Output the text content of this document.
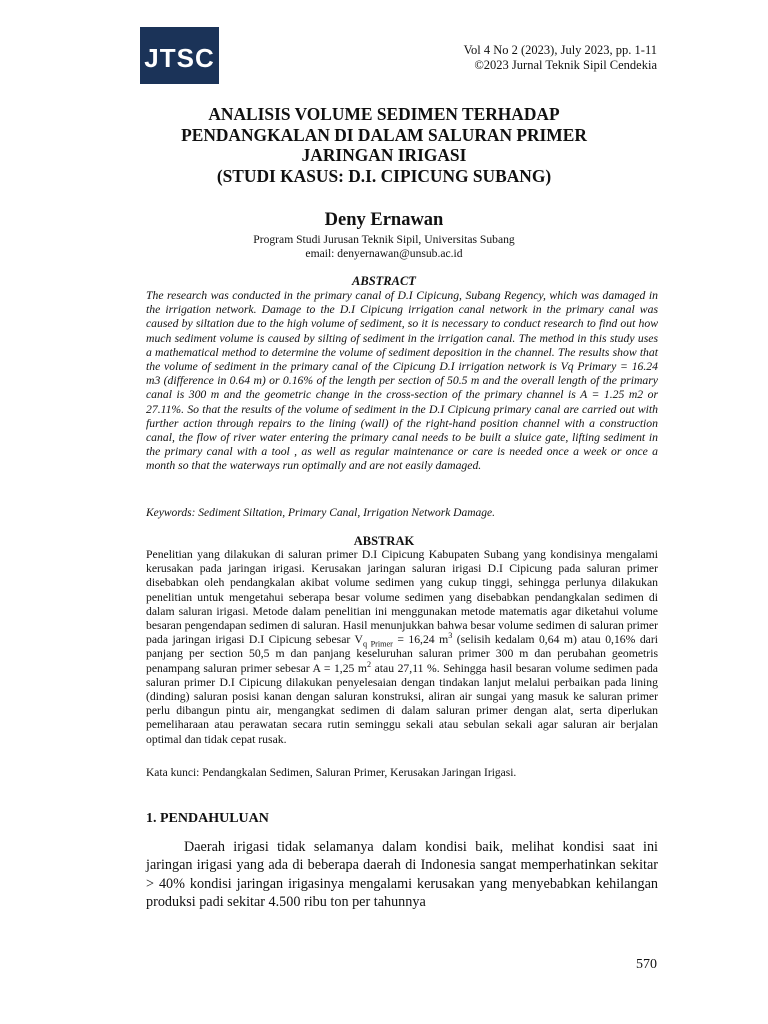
JTSC	Vol 4 No 2 (2023), July 2023, pp. 1-11
©2023 Jurnal Teknik Sipil Cendekia
ANALISIS VOLUME SEDIMEN TERHADAP
PENDANGKALAN DI DALAM SALURAN PRIMER
JARINGAN IRIGASI
(STUDI KASUS: D.I. CIPICUNG SUBANG)
Deny Ernawan
Program Studi Jurusan Teknik Sipil, Universitas Subang
email: denyernawan@unsub.ac.id
ABSTRACT

The research was conducted in the primary canal of D.I Cipicung, Subang Regency, which was damaged in the irrigation network. Damage to the D.I Cipicung irrigation canal network in the primary canal was caused by siltation due to the high volume of sediment, so it is necessary to conduct research to find out how much sediment volume is caused by silting of sediment in the irrigation canal. The method in this study uses a mathematical method to determine the volume of sediment deposition in the channel. The results show that the volume of sediment in the primary canal of the Cipicung D.I irrigation network is Vq Primary = 16.24 m3 (difference in 0.64 m) or 0.16% of the length per section of 50.5 m and the overall length of the primary canal is 300 m and the geometric change in the cross-section of the primary channel is A = 1.25 m2 or 27.11%. So that the results of the volume of sediment in the D.I Cipicung primary canal are carried out with further action through repairs to the lining (wall) of the right-hand position channel with a construction canal, the flow of river water entering the primary canal needs to be built a sluice gate, lifting sediment in the primary canal with a tool , as well as regular maintenance or care is needed once a week or once a month so that the waterways run optimally and are not easily damaged.

Keywords: Sediment Siltation, Primary Canal, Irrigation Network Damage.

ABSTRAK

Penelitian yang dilakukan di saluran primer D.I Cipicung Kabupaten Subang yang kondisinya mengalami kerusakan pada jaringan irigasi. Kerusakan jaringan saluran irigasi D.I Cipicung pada saluran primer disebabkan oleh pendangkalan akibat volume sedimen yang cukup tinggi, sehingga perlunya dilakukan penelitian untuk mengetahui seberapa besar volume sedimen yang disebabkan pendangkalan sedimen di dalam saluran irigasi. Metode dalam penelitian ini menggunakan metode matematis agar diketahui volume besaran pengendapan sedimen di saluran. Hasil menunjukkan bahwa besar volume sedimen di saluran primer pada jaringan irigasi D.I Cipicung sebesar $V_{q Primer} = 16,24$ $m^3$ (selisih kedalam 0,64 m) atau 0,16% dari panjang per section 50,5 m dan panjang keseluruhan saluran primer 300 m dan perubahan geometris penampang saluran primer sebesar A = 1,25 $m^2$ atau 27,11 %. Sehingga hasil besaran volume sedimen pada saluran primer D.I Cipicung dilakukan penyelesaian dengan tindakan lanjut melalui perbaikan pada lining (dinding) saluran posisi kanan dengan saluran konstruksi, aliran air sungai yang masuk ke saluran primer perlu dibangun pintu air, mengangkat sedimen di dalam saluran primer dengan alat, serta diperlukan pemeliharaan atau perawatan secara rutin seminggu sekali atau sebulan sekali agar saluran air berjalan optimal dan tidak cepat rusak.

Kata kunci: Pendangkalan Sedimen, Saluran Primer, Kerusakan Jaringan Irigasi.

1. PENDAHULUAN

Daerah irigasi tidak selamanya dalam kondisi baik, melihat kondisi saat ini jaringan irigasi yang ada di beberapa daerah di Indonesia sangat memperhatinkan sekitar > 40% kondisi jaringan irigasinya mengalami kerusakan yang menyebabkan kehilangan produksi padi sekitar 4.500 ribu ton per tahunnya

570
